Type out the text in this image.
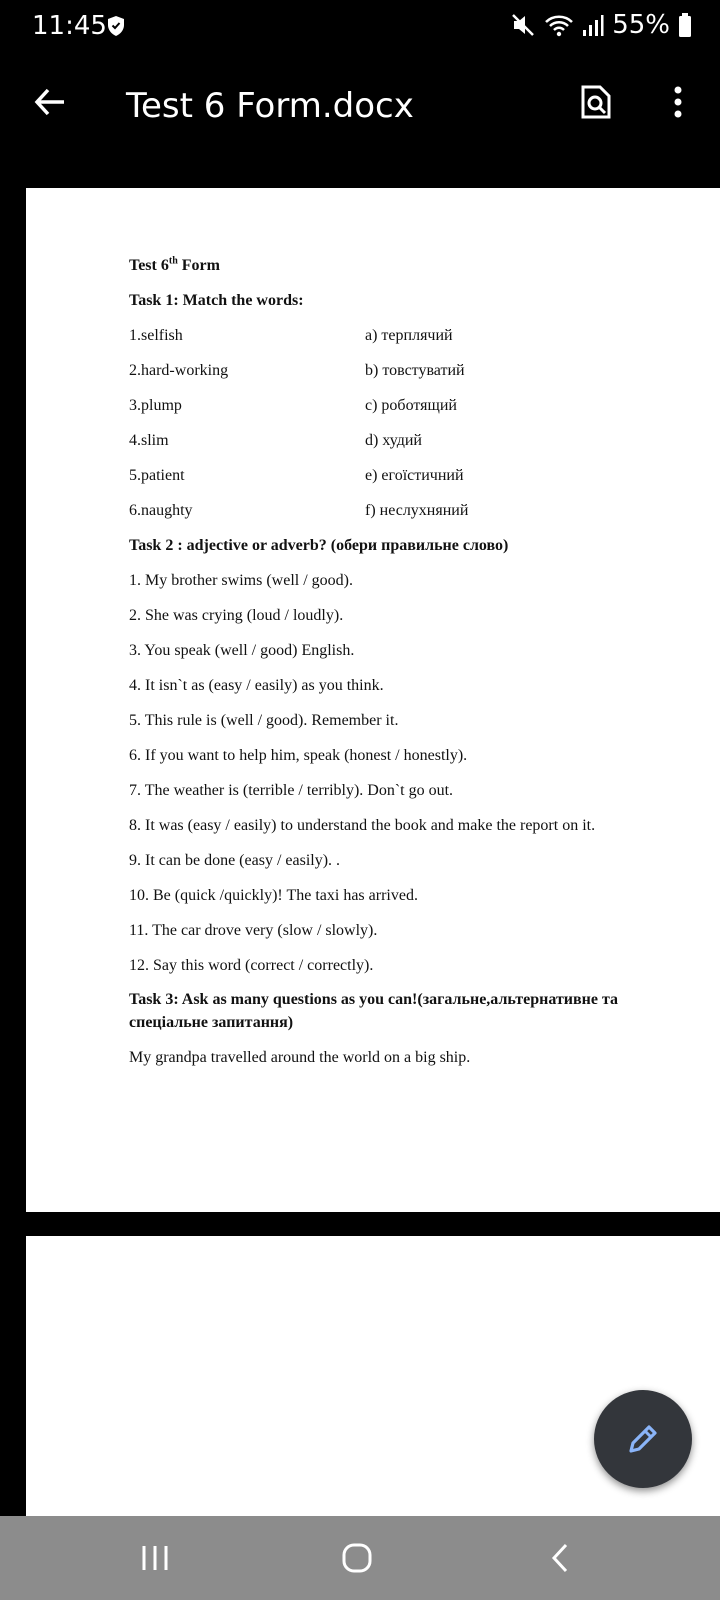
11:45	55%
Test 6 Form.docx
Test 6th Form
Task 1: Match the words:
1.selfish	a) терплячий
2.hard-working	b) товстуватий
3.plump	c) роботящий
4.slim	d) худий
5.patient	e) егоїстичний
6.naughty	f) неслухняний
Task 2 : adjective or adverb? (обери правильне слово)
1. My brother swims (well / good).
2. She was crying (loud / loudly).
3. You speak (well / good) English.
4. It isn`t as (easy / easily) as you think.
5. This rule is (well / good). Remember it.
6. If you want to help him, speak (honest / honestly).
7. The weather is (terrible / terribly). Don`t go out.
8. It was (easy / easily) to understand the book and make the report on it.
9. It can be done (easy / easily). .
10. Be (quick /quickly)! The taxi has arrived.
11. The car drove very (slow / slowly).
12. Say this word (correct / correctly).
Task 3: Ask as many questions as you can!(загальне,альтернативне та
спеціальне запитання)
My grandpa travelled around the world on a big ship.
